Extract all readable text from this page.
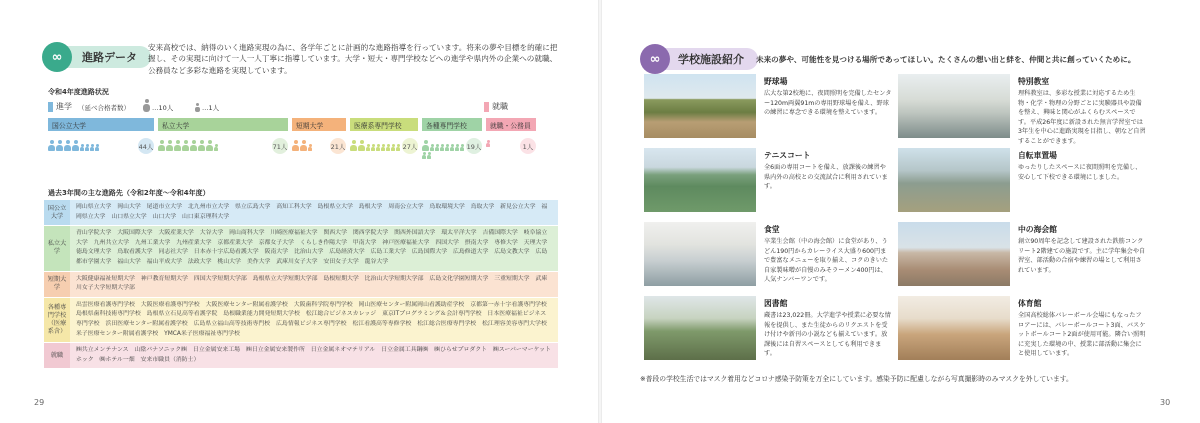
進路データ
∞
安来高校では、納得のいく進路実現の為に、各学年ごとに計画的な進路指導を行っています。将来の夢や目標を的確に把握し、その実現に向けて一人一人丁寧に指導しています。大学・短大・専門学校などへの進学や県内外の企業への就職、公務員など多彩な進路を実現しています。
令和4年度進路状況
進学 （延べ合格者数）	…10人	…1人	就職
国公立大学
44人
私立大学
71人
短期大学
21人
医療系専門学校
27人
各種専門学校
19人
就職・公務員
1人
過去3年間の主な進路先（令和2年度〜令和4年度）
国公立大学
岡山県立大学　岡山大学　尾道市立大学　北九州市立大学　県立広島大学　高知工科大学　島根県立大学　島根大学　周南公立大学　鳥取環境大学　鳥取大学　新見公立大学　福岡県立大学　山口県立大学　山口大学　山口東京理科大学
私立大学
青山学院大学　大阪国際大学　大阪産業大学　大谷大学　岡山商科大学　川崎医療福祉大学　関西大学　関西学院大学　関西外国語大学　環太平洋大学　吉備国際大学　岐阜協立大学　九州共立大学　九州工業大学　九州産業大学　京都産業大学　京都女子大学　くらしき作陽大学　甲南大学　神戸医療福祉大学　四国大学　摂南大学　専修大学　天理大学　徳島文理大学　鳥取看護大学　同志社大学　日本赤十字広島看護大学　阪南大学　比治山大学　広島経済大学　広島工業大学　広島国際大学　広島修道大学　広島文教大学　広島都市学園大学　福山大学　福山平成大学　法政大学　桃山大学　美作大学　武庫川女子大学　安田女子大学　龍谷大学
短期大学
大阪健康福祉短期大学　神戸教育短期大学　四国大学短期大学部　島根県立大学短期大学部　島根短期大学　比治山大学短期大学部　広島文化学園短期大学　三重短期大学　武庫川女子大学短期大学部
各種専門学校（医療系含）
出雲医療看護専門学校　大阪医療看護専門学校　大阪医療センター附属看護学校　大阪歯科学院専門学校　岡山医療センター附属岡山看護助産学校　京都第一赤十字看護専門学校　島根県歯科技術専門学校　島根県立石見高等看護学院　島根職業能力開発短期大学校　松江総合ビジネスカレッジ　東京ITプログラミング＆会計専門学校　日本医療福祉ビジネス専門学校　浜田医療センター附属看護学校　広島県立福山高等技術専門校　広島情報ビジネス専門学校　松江看護高等専修学校　松江総合医療専門学校　松江理容美容専門大学校　米子医療センター附属看護学校　YMCA米子医療福祉専門学校
就職
㈱共立メンテナンス　山陰パナソニック㈱　日立金属安来工場　㈱日立金属安来製作所　日立金属ネオマテリアル　日立金属工具鋼㈱　㈱ひらせプロダクト　㈱スーパーマーケットホック　㈱ホテル一畑　安来市職員（消防士）
29
学校施設紹介
∞	未来の夢や、可能性を見つける場所であってほしい。たくさんの想い出と絆を、仲間と共に創っていくために。
野球場
広大な第2校地に、夜間照明を完備したセンター120m両翼91mの専用野球場を備え、野球の練習に専念できる環境を整えています。
特別教室
理科教室は、多彩な授業に対応するため生物・化学・物理の分野ごとに実験器具や設備を整え、興味と関心がふくらむスペースです。平成26年度に新設された無言学習室では3年生を中心に進路実現を目指し、朝など自習することができます。
テニスコート
全6面の専用コートを備え、放課後の練習や県内外の高校との交流試合に利用されています。
自転車置場
ゆったりしたスペースに夜間照明を完備し、安心して下校できる環境にしました。
食堂
卒業生会館（中の海会館）に食堂があり、うどん190円からカレーライス大盛り600円まで豊富なメニューを取り揃え、コクのきいた自家製味噌が自慢のみそラーメン400円は、人気ナンバーワンです。
中の海会館
創立90周年を記念して建設された鉄筋コンクリート2階建ての施設です。主に学年集会や自習室、部活動の合宿や練習の場として利用されています。
図書館
蔵書は23,022冊。大学進学や授業に必要な情報を提供し、また生徒からのリクエストを受け付けや新刊の小説なども揃えています。放課後には自習スペースとしても利用できます。
体育館
全国高校総体バレーボール会場にもなったフロアーには、バレーボールコート3面、バスケットボールコート2面が使用可能。隣合い照明に充実した環境の中、授業に部活動に集会にと使用しています。
※普段の学校生活ではマスク着用などコロナ感染予防策を万全にしています。感染予防に配慮しながら写真撮影時のみマスクを外しています。
30
